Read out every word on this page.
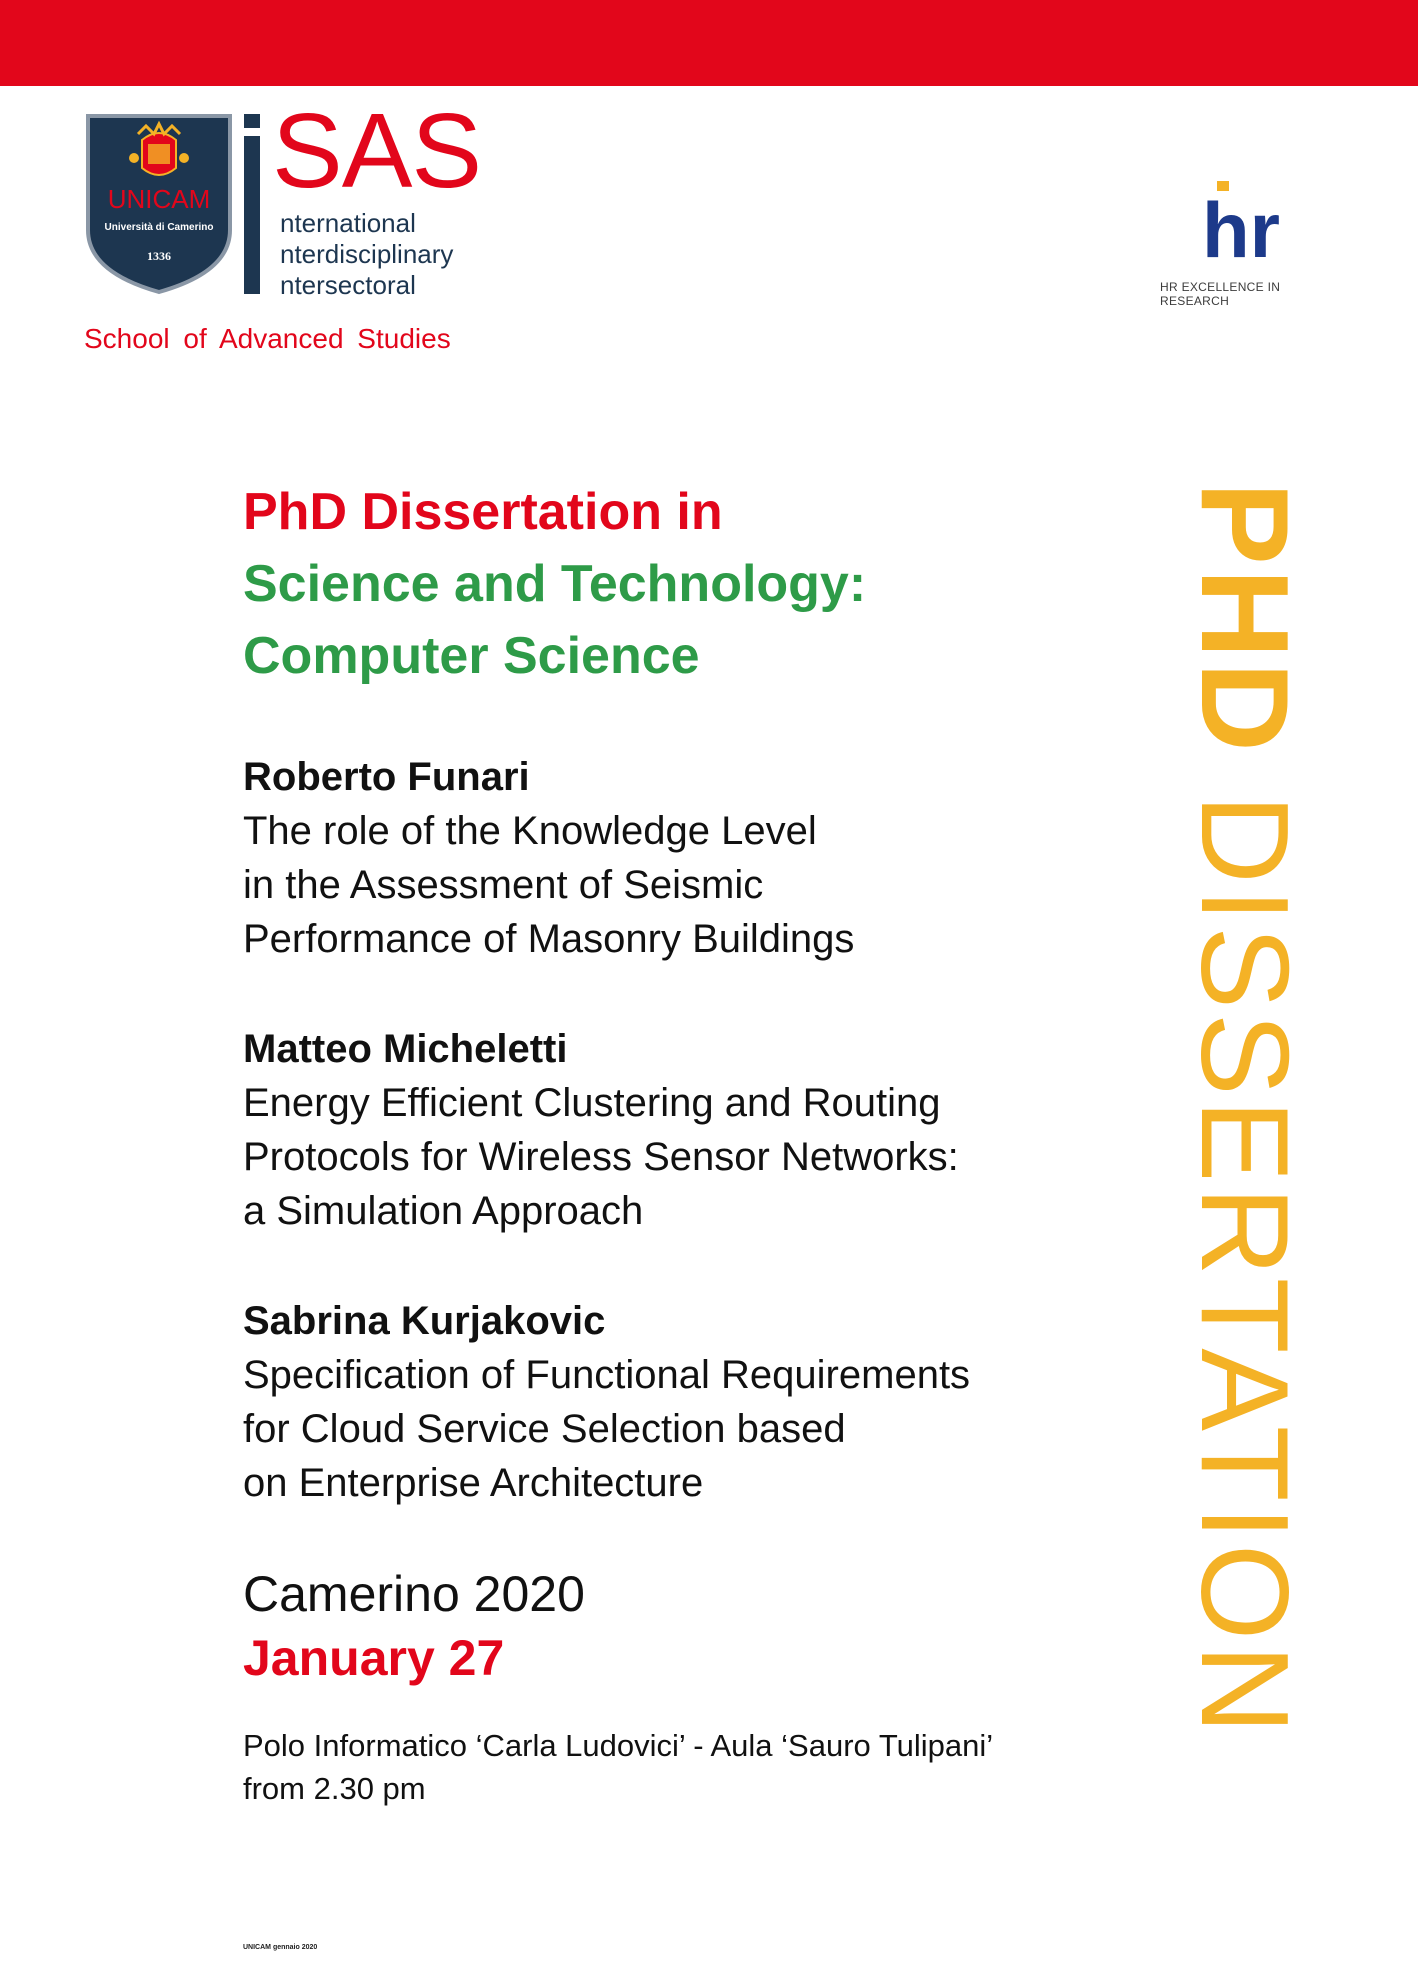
UNICAM
Università di Camerino
1336
SAS
nternational
nterdisciplinary
ntersectoral
School of Advanced Studies
hr
HR EXCELLENCE IN RESEARCH
PHD DISSERTATION
PhD Dissertation in
Science and Technology:
Computer Science
Roberto Funari
The role of the Knowledge Level
in the Assessment of Seismic
Performance of Masonry Buildings
Matteo Micheletti
Energy Efficient Clustering and Routing
Protocols for Wireless Sensor Networks:
a Simulation Approach
Sabrina Kurjakovic
Specification of Functional Requirements
for Cloud Service Selection based
on Enterprise Architecture
Camerino 2020
January 27
Polo Informatico ‘Carla Ludovici’ - Aula ‘Sauro Tulipani’
from 2.30 pm
UNICAM gennaio 2020
